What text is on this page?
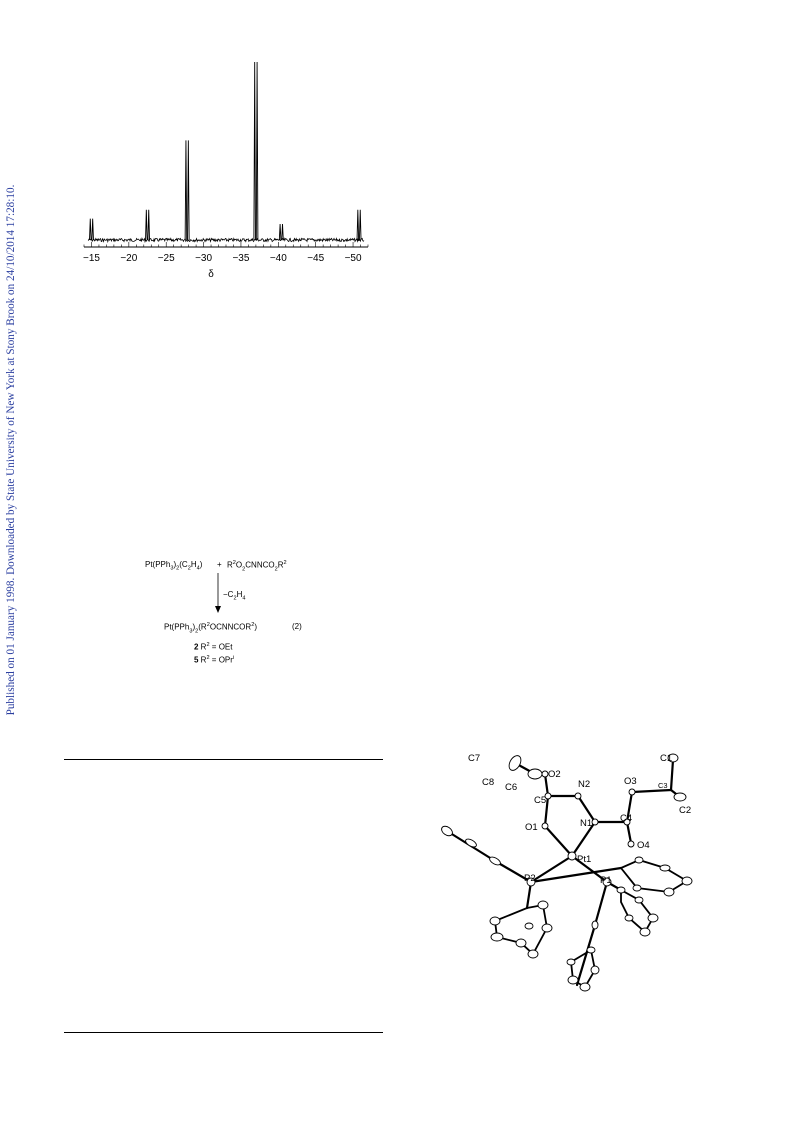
Published on 01 January 1998. Downloaded by State University of New York at Stony Brook on 24/10/2014 17:28:10.	−15 −20 −25 −30 −35 −40 −45 −50
δ
$Pt(PPh_3)_2(C_2H_4)$ + $R^2O_2CNNCO_2R^2$
$-C_2H_4$
$Pt(PPh_3)_2(R^2OCNNCOR^2)$	(2)
2 $R^2$ = OEt
5 $R^2 = OPr^i$
C7
C8 C6
O2
N2	O3	C3
C1
C2
C5
C4
O1	N1
O4
Pt1
P2	P1
